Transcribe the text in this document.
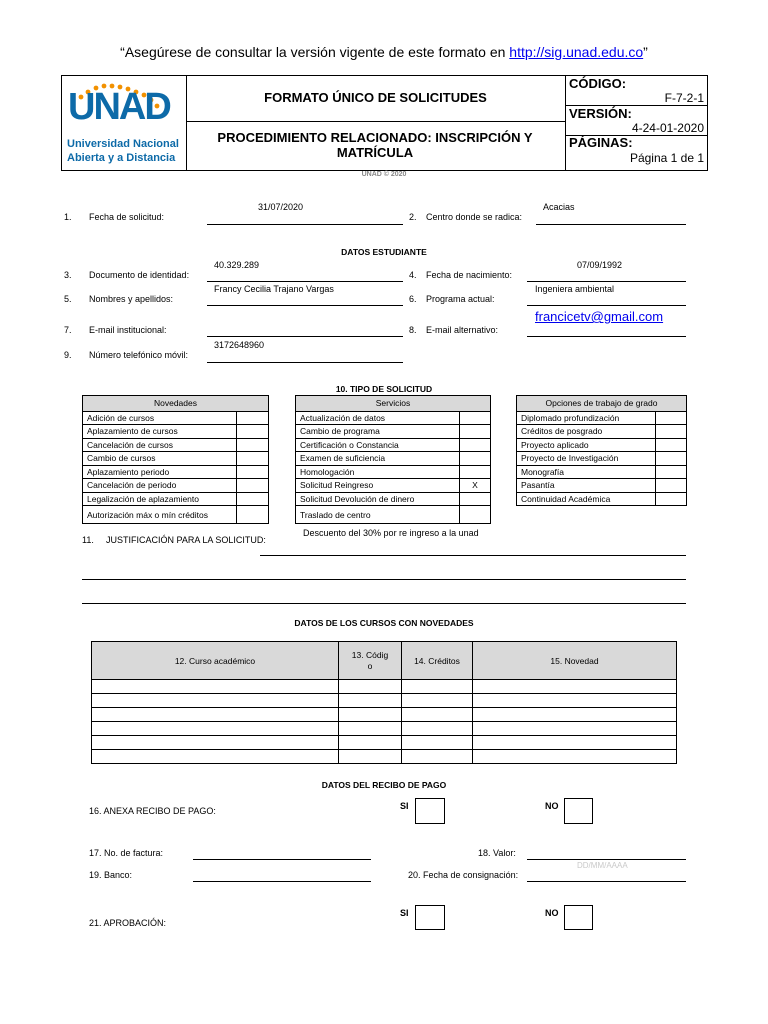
“Asegúrese de consultar la versión vigente de este formato en http://sig.unad.edu.co”
UNAD
Universidad Nacional
Abierta y a Distancia
FORMATO ÚNICO DE SOLICITUDES
PROCEDIMIENTO RELACIONADO: INSCRIPCIÓN Y MATRÍCULA
CÓDIGO:
F-7-2-1
VERSIÓN:
4-24-01-2020
PÁGINAS:
Página 1 de 1
UNAD © 2020
1. Fecha de solicitud:
31/07/2020
2. Centro donde se radica:
Acacias
DATOS ESTUDIANTE
3. Documento de identidad:
40.329.289
4. Fecha de nacimiento:
07/09/1992
5. Nombres y apellidos:
Francy Cecilia Trajano Vargas
6. Programa actual:
Ingeniera ambiental
7. E-mail institucional:	8. E-mail alternativo:
francicetv@gmail.com
9. Número telefónico móvil:
3172648960
10. TIPO DE SOLICITUD
Novedades	
Adición de cursos	
Aplazamiento de cursos	
Cancelación de cursos	
Cambio de cursos	
Aplazamiento periodo	
Cancelación de periodo	
Legalización de aplazamiento	
Autorización máx o mín créditos	
Servicios	
Actualización de datos	
Cambio de programa	
Certificación o Constancia	
Examen de suficiencia	
Homologación	
Solicitud Reingreso	X
Solicitud Devolución de dinero	
Traslado de centro	
Opciones de trabajo de grado	
Diplomado profundización	
Créditos de posgrado	
Proyecto aplicado	
Proyecto de Investigación	
Monografía	
Pasantía	
Continuidad Académica	
11. JUSTIFICACIÓN PARA LA SOLICITUD:
Descuento del 30% por re ingreso a la unad
DATOS DE LOS CURSOS CON NOVEDADES
12. Curso académico	13. Códig
o	14. Créditos	15. Novedad

DATOS DEL RECIBO DE PAGO
16. ANEXA RECIBO DE PAGO:	SI	NO
17. No. de factura:	18. Valor:
DD/MM/AAAA
19. Banco:	20. Fecha de consignación:
21. APROBACIÓN:
SI	NO
